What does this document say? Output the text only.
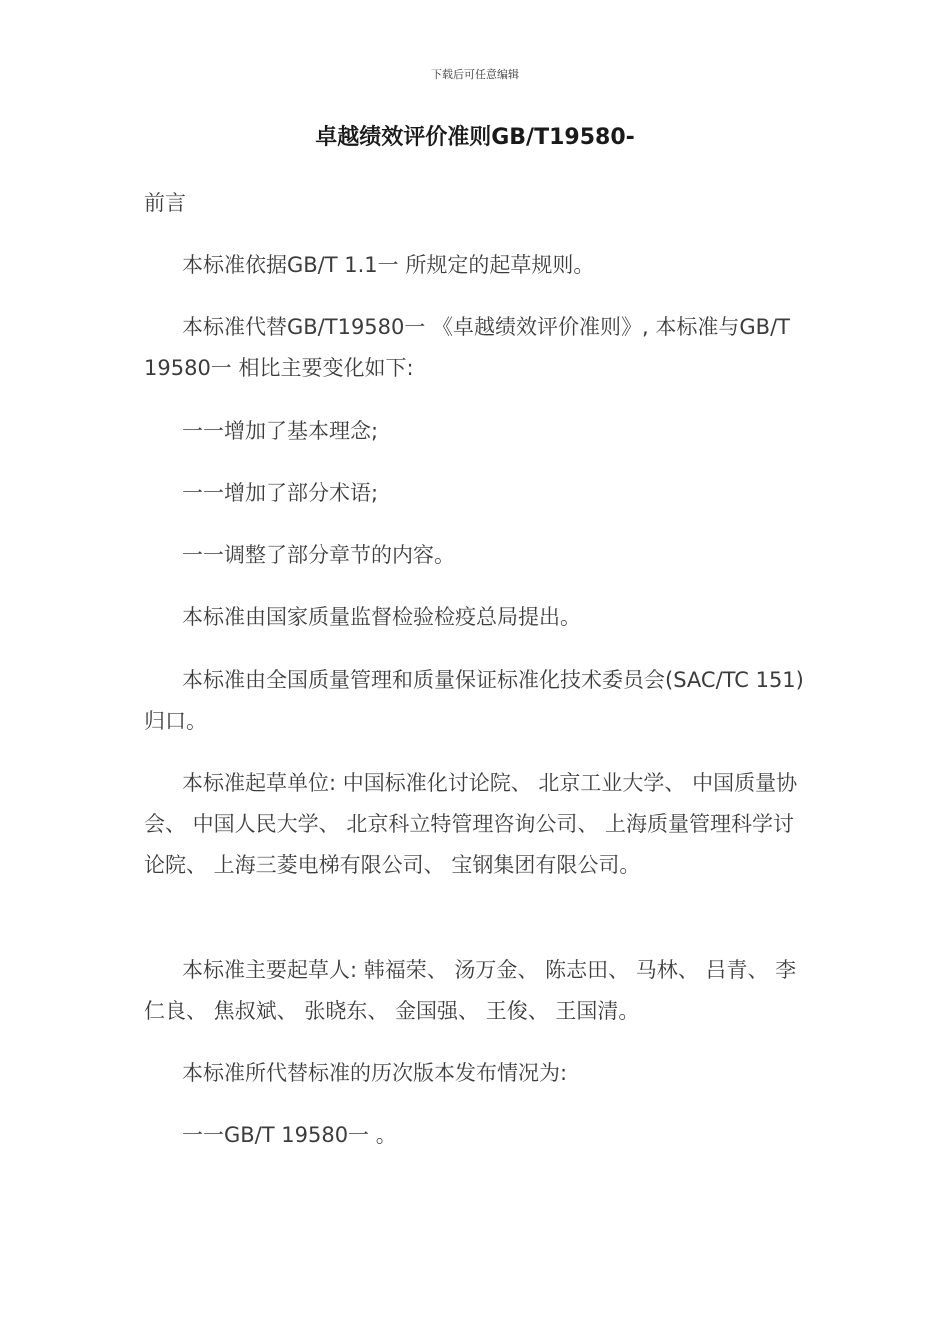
下载后可任意编辑
卓越绩效评价准则GB/T19580-
前言
本标准依据GB/T 1.1一 所规定的起草规则。
本标准代替GB/T19580一 《卓越绩效评价准则》, 本标准与GB/T 19580一 相比主要变化如下:
一一增加了基本理念;
一一增加了部分术语;
一一调整了部分章节的内容。
本标准由国家质量监督检验检疫总局提出。
本标准由全国质量管理和质量保证标准化技术委员会(SAC/TC 151) 归口。
本标准起草单位: 中国标准化讨论院、 北京工业大学、 中国质量协会、 中国人民大学、 北京科立特管理咨询公司、 上海质量管理科学讨论院、 上海三菱电梯有限公司、 宝钢集团有限公司。
本标准主要起草人: 韩福荣、 汤万金、 陈志田、 马林、 吕青、 李仁良、 焦叔斌、 张晓东、 金国强、 王俊、 王国清。
本标准所代替标准的历次版本发布情况为:
一一GB/T 19580一 。
